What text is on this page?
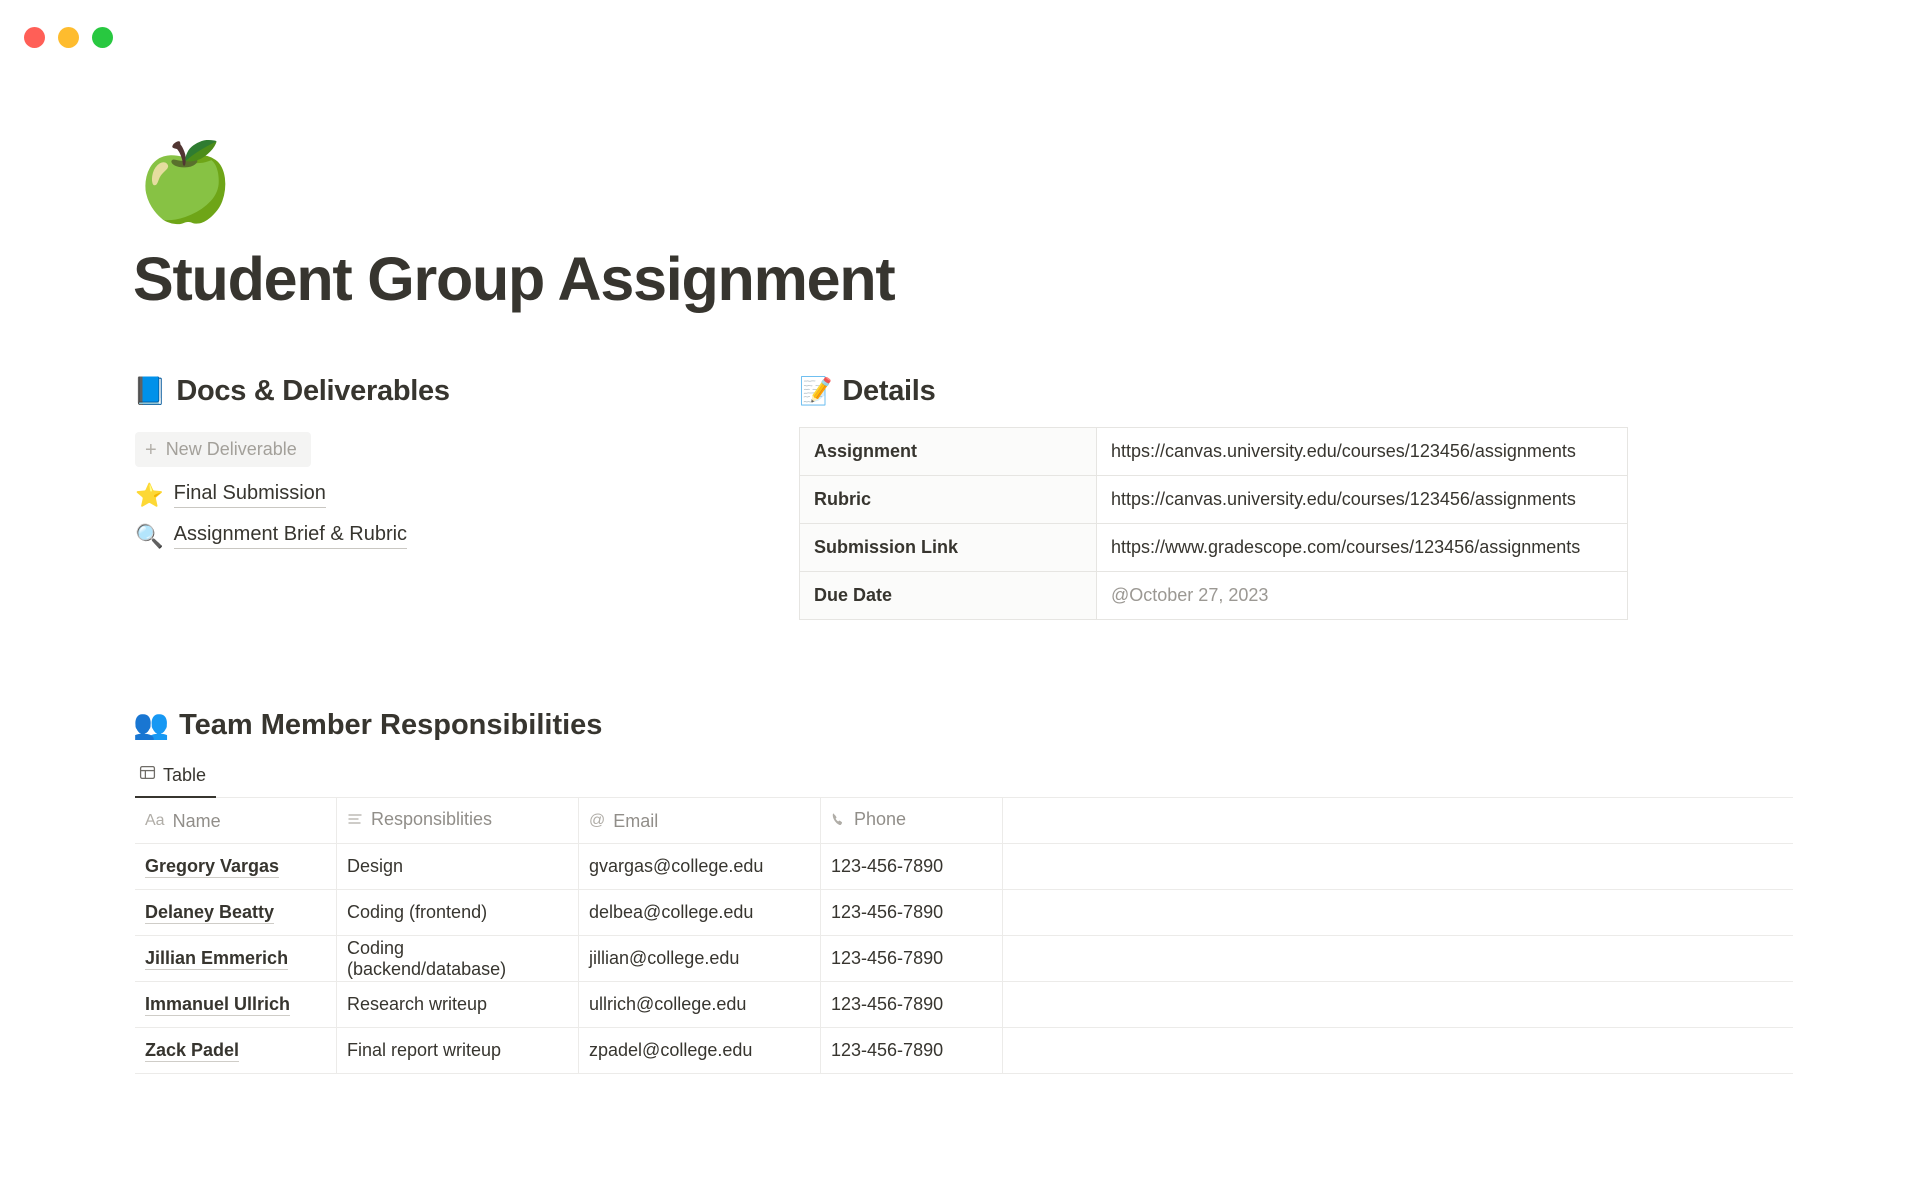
🍏
Student Group Assignment
📘 Docs & Deliverables
+ New Deliverable
⭐ Final Submission
🔍 Assignment Brief & Rubric
📝 Details
Assignment	https://canvas.university.edu/courses/123456/assignments
Rubric	https://canvas.university.edu/courses/123456/assignments
Submission Link	https://www.gradescope.com/courses/123456/assignments
Due Date	@October 27, 2023
👥 Team Member Responsibilities
Table
Aa Name	Responsiblities	@ Email	Phone	

Gregory Vargas	Design	gvargas@college.edu	123-456-7890	
Delaney Beatty	Coding (frontend)	delbea@college.edu	123-456-7890	
Jillian Emmerich	Coding (backend/database)	jillian@college.edu	123-456-7890	
Immanuel Ullrich	Research writeup	ullrich@college.edu	123-456-7890	
Zack Padel	Final report writeup	zpadel@college.edu	123-456-7890	
